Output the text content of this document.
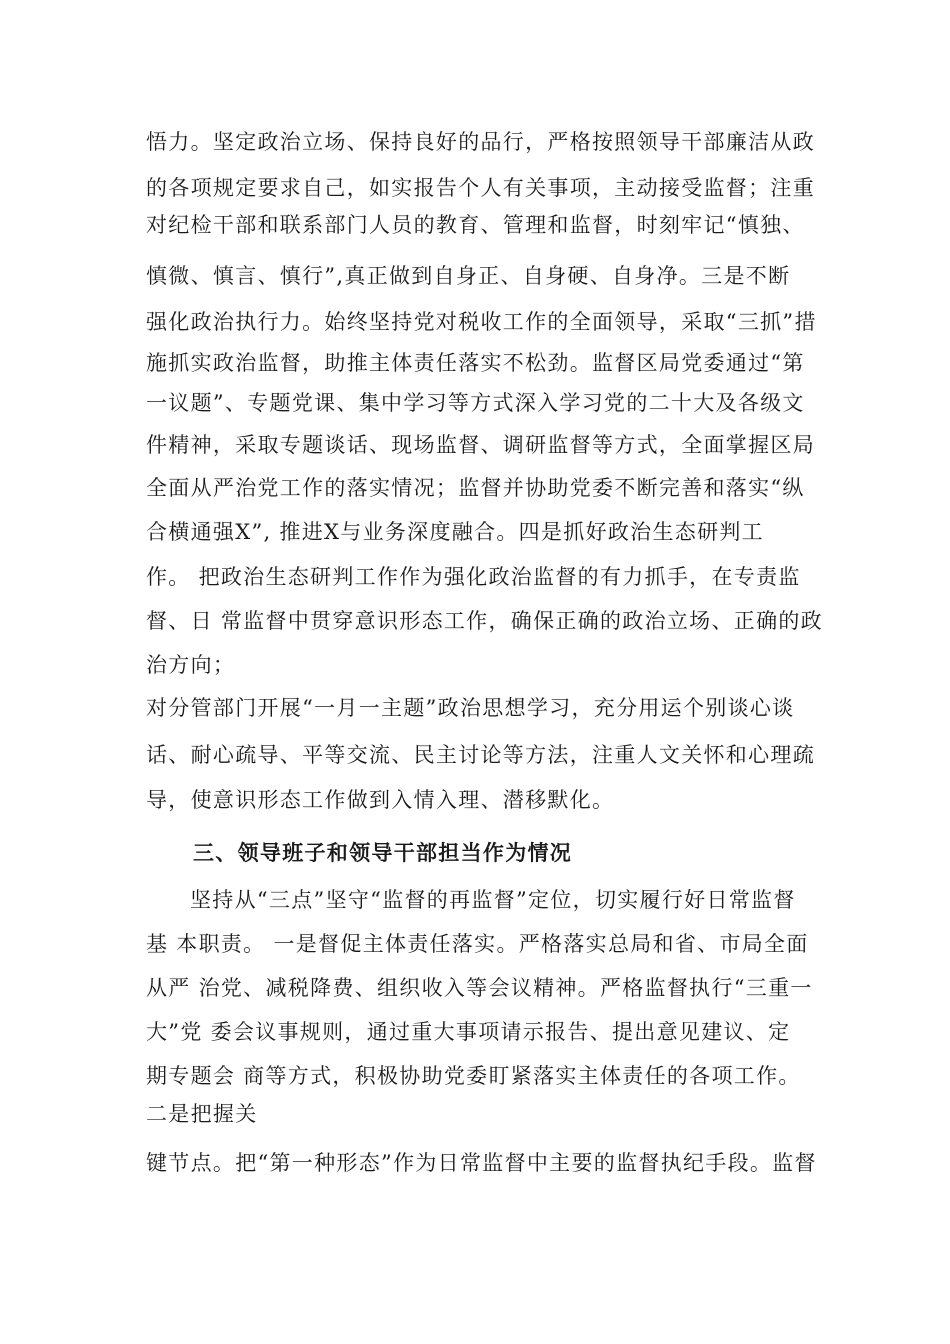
悟力。坚定政治立场、保持良好的品行，严格按照领导干部廉洁从政
的各项规定要求自己，如实报告个人有关事项，主动接受监督；注重
对纪检干部和联系部门人员的教育、管理和监督，时刻牢记“慎独、
慎微、慎言、慎行”,真正做到自身正、自身硬、自身净。三是不断
强化政治执行力。始终坚持党对税收工作的全面领导，采取“三抓”措
施抓实政治监督，助推主体责任落实不松劲。监督区局党委通过“第
一议题”、专题党课、集中学习等方式深入学习党的二十大及各级文
件精神，采取专题谈话、现场监督、调研监督等方式，全面掌握区局
全面从严治党工作的落实情况；监督并协助党委不断完善和落实“纵
合横通强X”, 推进X与业务深度融合。四是抓好政治生态研判工
作。 把政治生态研判工作作为强化政治监督的有力抓手，在专责监
督、日 常监督中贯穿意识形态工作，确保正确的政治立场、正确的政
治方向；
对分管部门开展“一月一主题”政治思想学习，充分用运个别谈心谈
话、耐心疏导、平等交流、民主讨论等方法，注重人文关怀和心理疏
导，使意识形态工作做到入情入理、潜移默化。
三、领导班子和领导干部担当作为情况
坚持从“三点”坚守“监督的再监督”定位，切实履行好日常监督
基 本职责。 一是督促主体责任落实。严格落实总局和省、市局全面
从严 治党、减税降费、组织收入等会议精神。严格监督执行“三重一
大”党 委会议事规则，通过重大事项请示报告、提出意见建议、定
期专题会 商等方式，积极协助党委盯紧落实主体责任的各项工作。
二是把握关
键节点。把“第一种形态”作为日常监督中主要的监督执纪手段。监督
